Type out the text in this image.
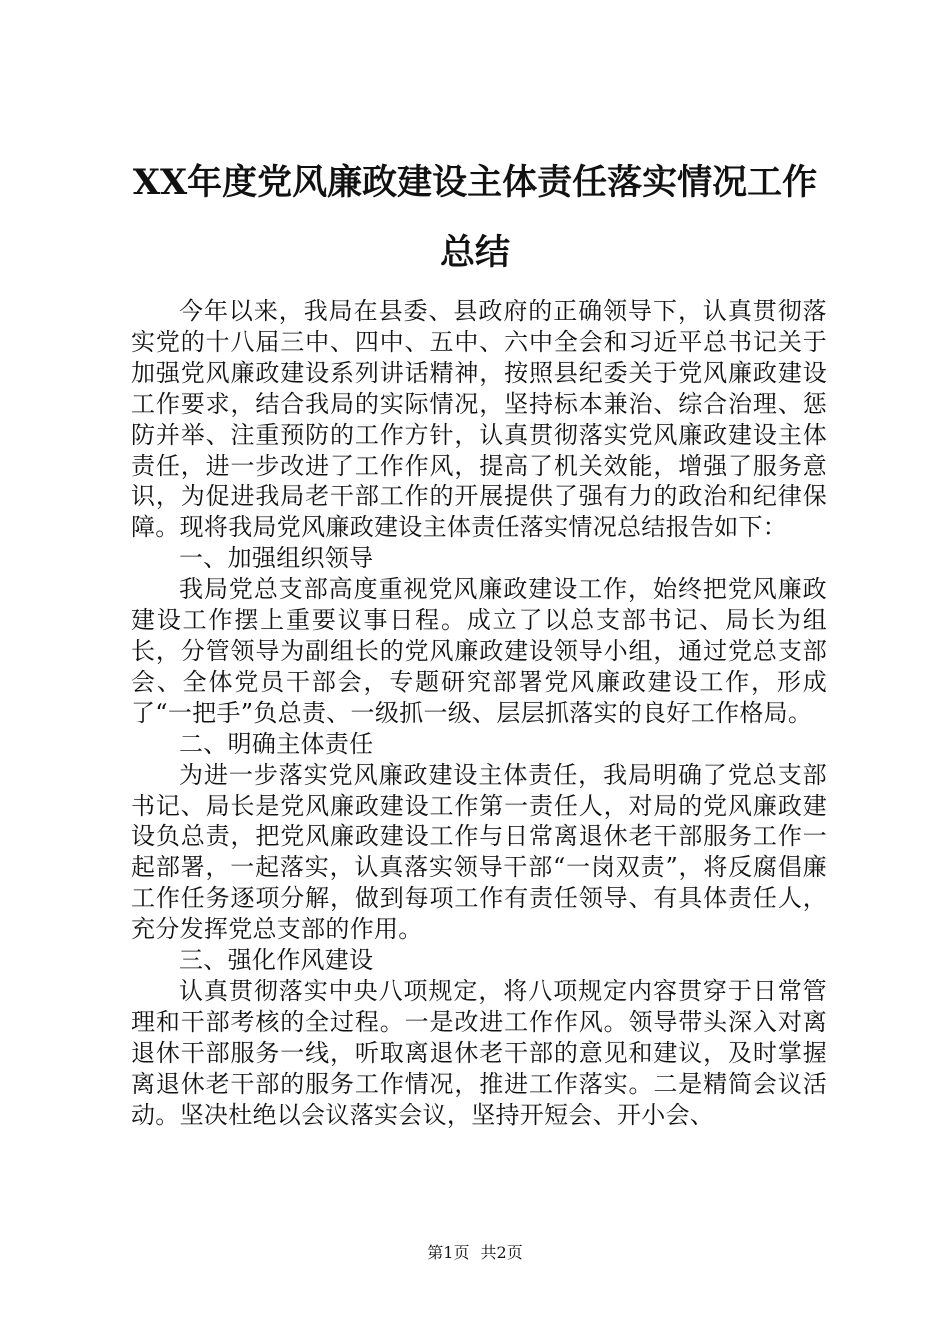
XX年度党风廉政建设主体责任落实情况工作
总结

今年以来，我局在县委、县政府的正确领导下，认真贯彻落实党的十八届三中、四中、五中、六中全会和习近平总书记关于加强党风廉政建设系列讲话精神，按照县纪委关于党风廉政建设工作要求，结合我局的实际情况，坚持标本兼治、综合治理、惩防并举、注重预防的工作方针，认真贯彻落实党风廉政建设主体责任，进一步改进了工作作风，提高了机关效能，增强了服务意识，为促进我局老干部工作的开展提供了强有力的政治和纪律保障。现将我局党风廉政建设主体责任落实情况总结报告如下：

一、加强组织领导

我局党总支部高度重视党风廉政建设工作，始终把党风廉政建设工作摆上重要议事日程。成立了以总支部书记、局长为组长，分管领导为副组长的党风廉政建设领导小组，通过党总支部会、全体党员干部会，专题研究部署党风廉政建设工作，形成了“一把手”负总责、一级抓一级、层层抓落实的良好工作格局。

二、明确主体责任

为进一步落实党风廉政建设主体责任，我局明确了党总支部书记、局长是党风廉政建设工作第一责任人，对局的党风廉政建设负总责，把党风廉政建设工作与日常离退休老干部服务工作一起部署，一起落实，认真落实领导干部“一岗双责”，将反腐倡廉工作任务逐项分解，做到每项工作有责任领导、有具体责任人，充分发挥党总支部的作用。

三、强化作风建设

认真贯彻落实中央八项规定，将八项规定内容贯穿于日常管理和干部考核的全过程。一是改进工作作风。领导带头深入对离退休干部服务一线，听取离退休老干部的意见和建议，及时掌握离退休老干部的服务工作情况，推进工作落实。二是精简会议活动。坚决杜绝以会议落实会议，坚持开短会、开小会、

第1页 共2页
